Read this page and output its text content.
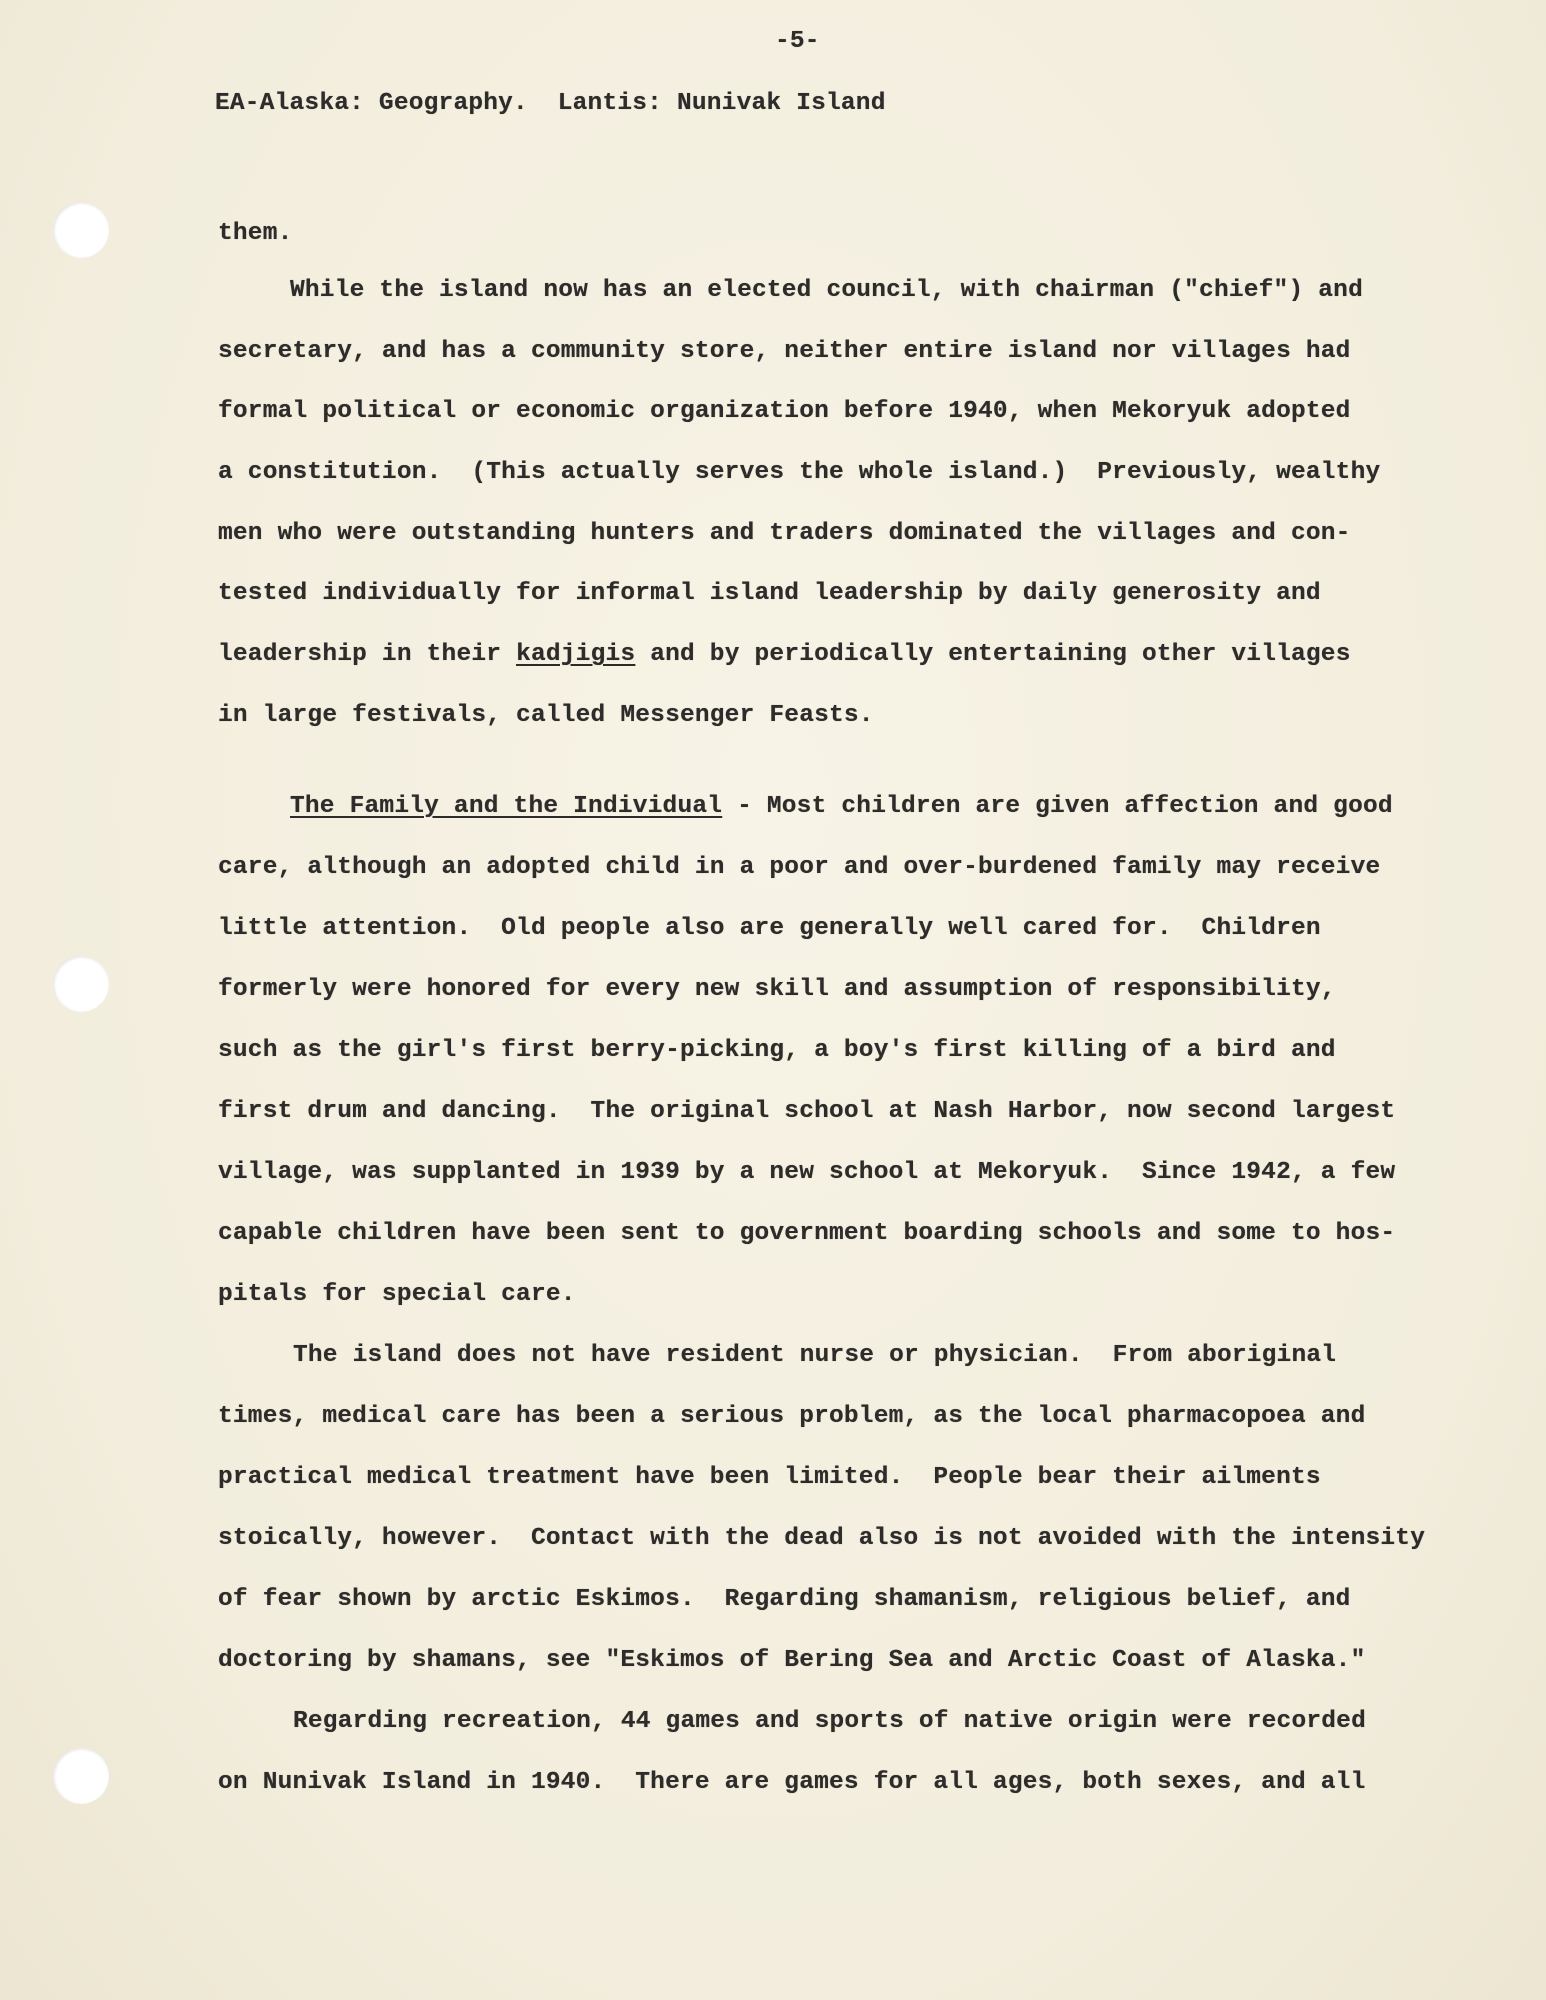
-5-
EA-Alaska: Geography.  Lantis: Nunivak Island
them.
While the island now has an elected council, with chairman ("chief") and
secretary, and has a community store, neither entire island nor villages had
formal political or economic organization before 1940, when Mekoryuk adopted
a constitution.  (This actually serves the whole island.)  Previously, wealthy
men who were outstanding hunters and traders dominated the villages and con-
tested individually for informal island leadership by daily generosity and
leadership in their kadjigis and by periodically entertaining other villages
in large festivals, called Messenger Feasts.
The Family and the Individual - Most children are given affection and good
care, although an adopted child in a poor and over-burdened family may receive
little attention.  Old people also are generally well cared for.  Children
formerly were honored for every new skill and assumption of responsibility,
such as the girl's first berry-picking, a boy's first killing of a bird and
first drum and dancing.  The original school at Nash Harbor, now second largest
village, was supplanted in 1939 by a new school at Mekoryuk.  Since 1942, a few
capable children have been sent to government boarding schools and some to hos-
pitals for special care.
The island does not have resident nurse or physician.  From aboriginal
times, medical care has been a serious problem, as the local pharmacopoea and
practical medical treatment have been limited.  People bear their ailments
stoically, however.  Contact with the dead also is not avoided with the intensity
of fear shown by arctic Eskimos.  Regarding shamanism, religious belief, and
doctoring by shamans, see "Eskimos of Bering Sea and Arctic Coast of Alaska."
Regarding recreation, 44 games and sports of native origin were recorded
on Nunivak Island in 1940.  There are games for all ages, both sexes, and all
